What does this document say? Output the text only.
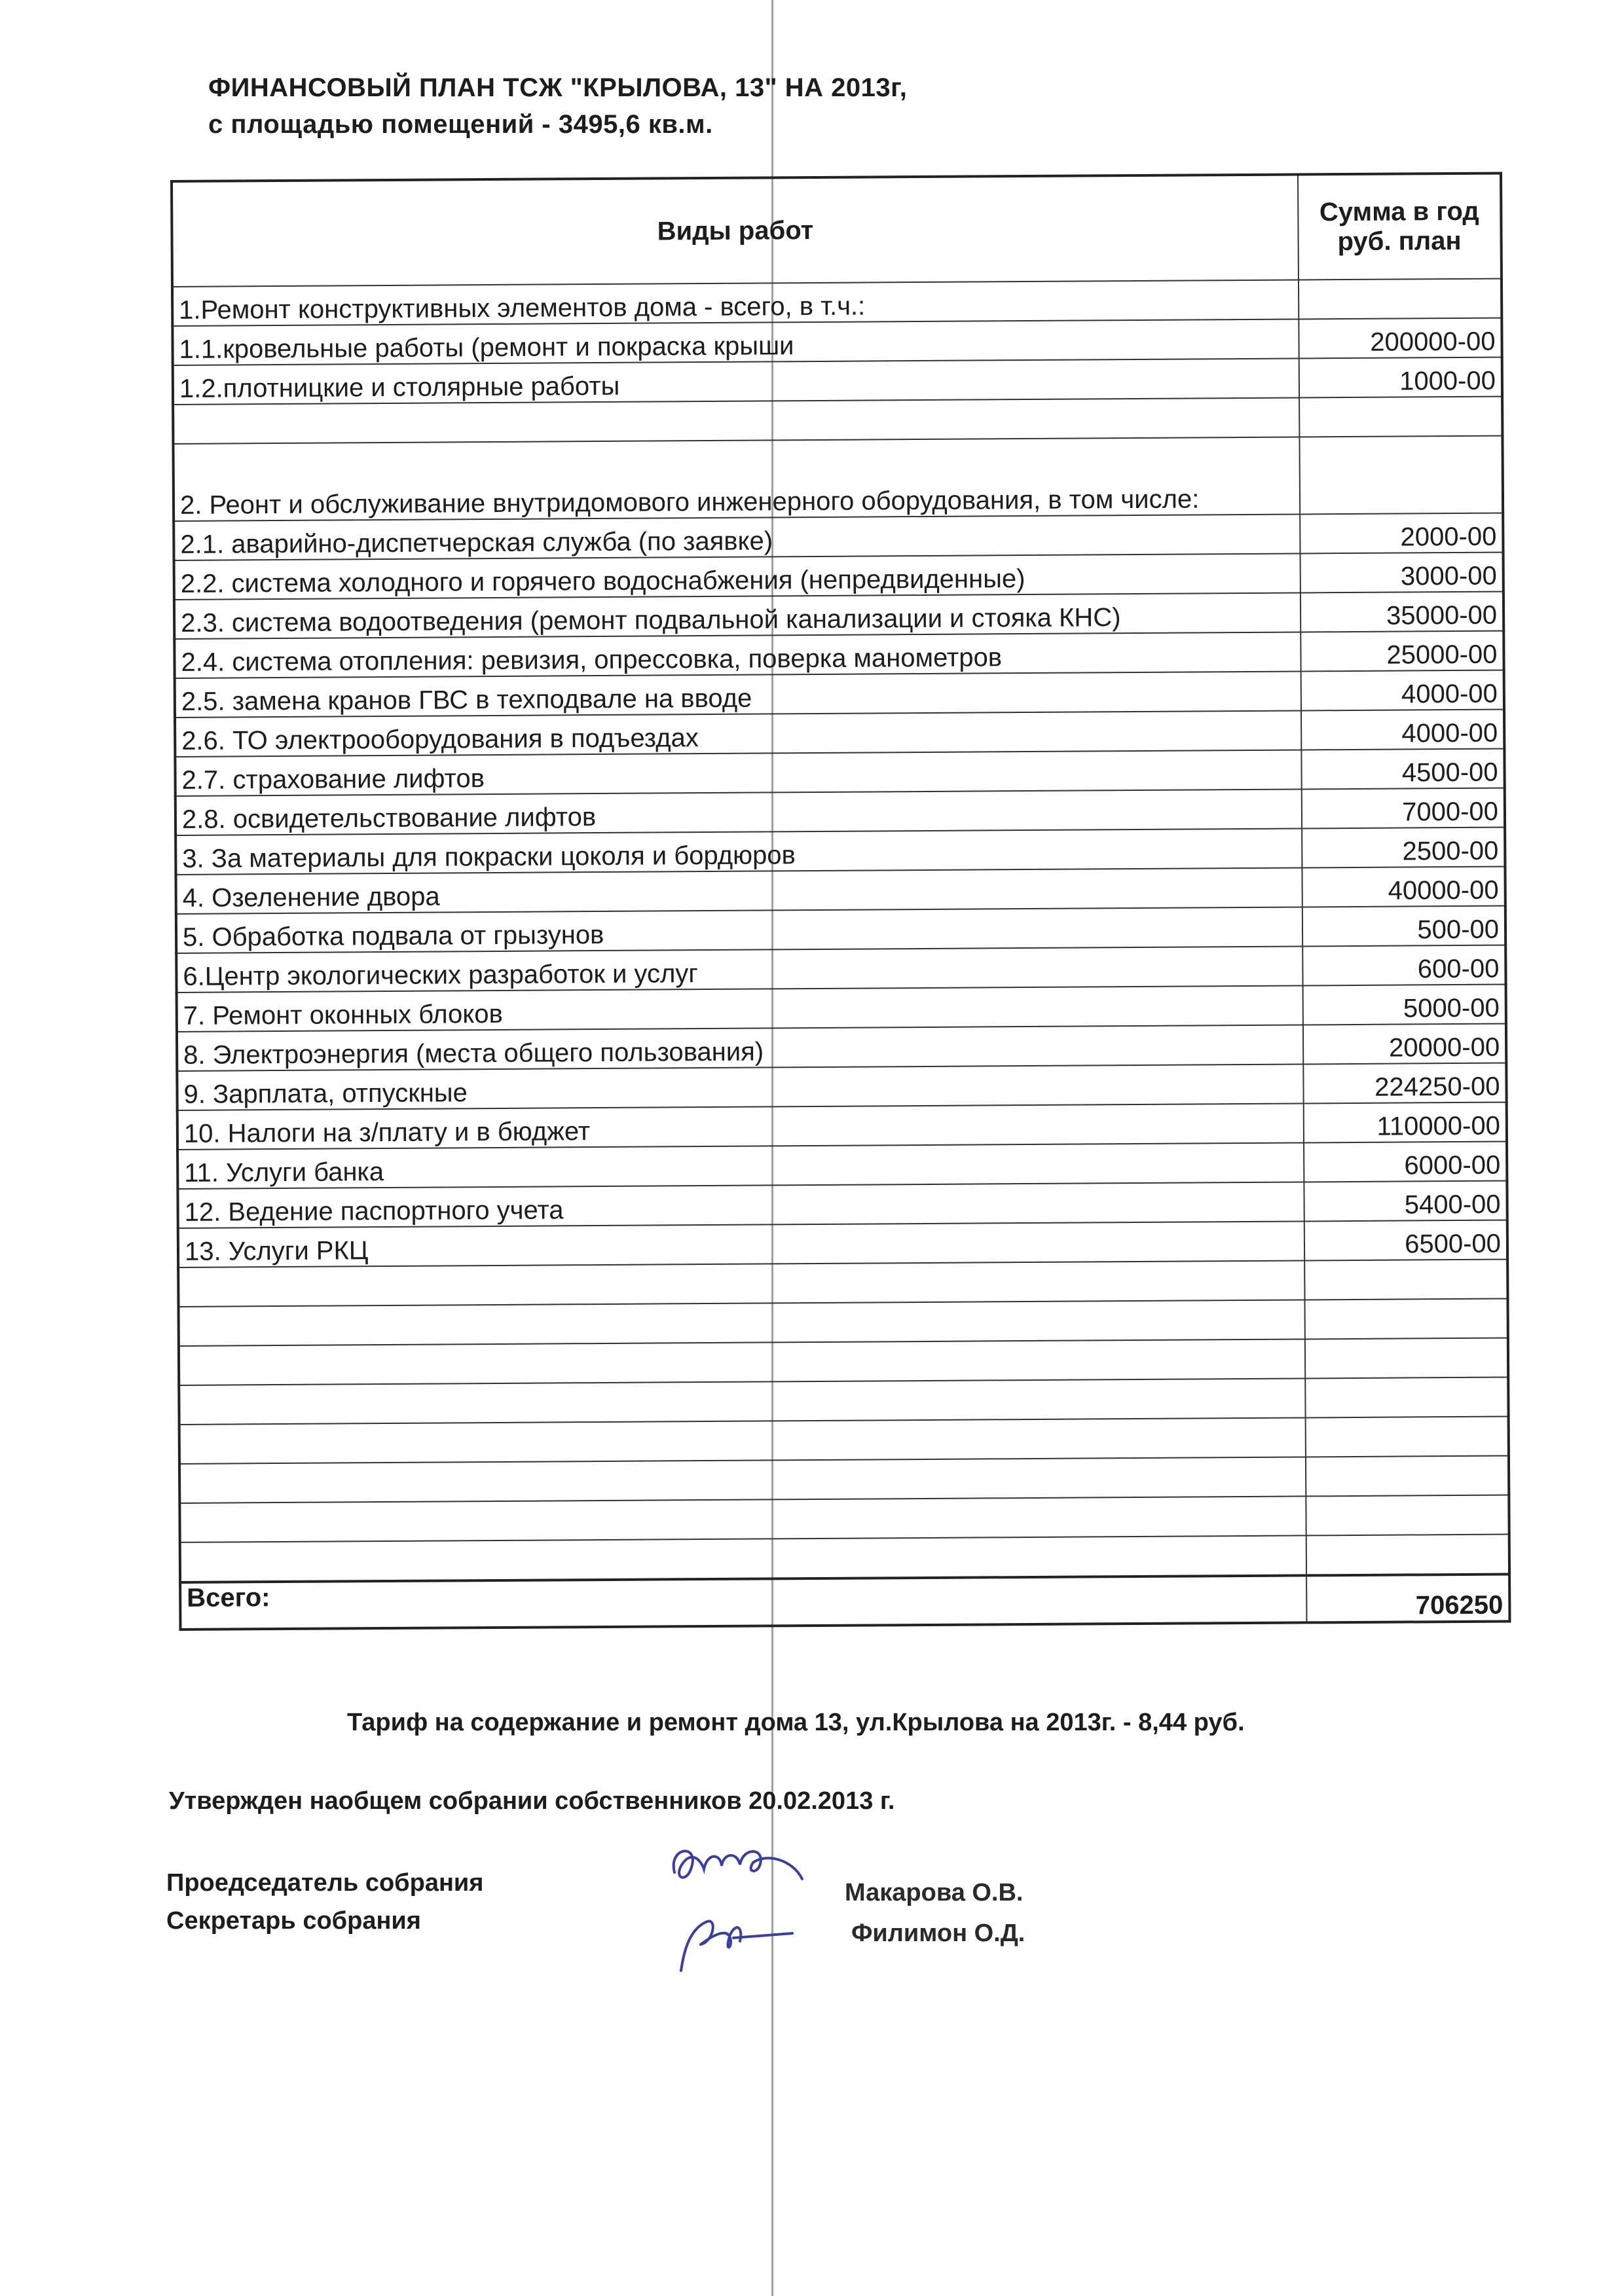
ФИНАНСОВЫЙ ПЛАН ТСЖ "КРЫЛОВА, 13" НА 2013г,
с площадью помещений - 3495,6 кв.м.
Виды работ	Сумма в год руб. план
1.Ремонт конструктивных элементов дома - всего, в т.ч.:	
1.1.кровельные работы (ремонт и покраска крыши	200000-00
1.2.плотницкие и столярные работы	1000-00

2. Реонт и обслуживание внутридомового инженерного оборудования, в том числе:	
2.1. аварийно-диспетчерская служба (по заявке)	2000-00
2.2. система холодного и горячего водоснабжения (непредвиденные)	3000-00
2.3. система водоотведения (ремонт подвальной канализации и стояка КНС)	35000-00
2.4. система отопления: ревизия, опрессовка, поверка манометров	25000-00
2.5. замена кранов ГВС в техподвале на вводе	4000-00
2.6. ТО электрооборудования в подъездах	4000-00
2.7. страхование лифтов	4500-00
2.8. освидетельствование лифтов	7000-00
3. За материалы для покраски цоколя и бордюров	2500-00
4. Озеленение двора	40000-00
5. Обработка подвала от грызунов	500-00
6.Центр экологических разработок и услуг	600-00
7. Ремонт оконных блоков	5000-00
8. Электроэнергия (места общего пользования)	20000-00
9. Зарплата, отпускные	224250-00
10. Налоги на з/плату и в бюджет	110000-00
11. Услуги банка	6000-00
12. Ведение паспортного учета	5400-00
13. Услуги РКЦ	6500-00

Всего:	706250
Тариф на содержание и ремонт дома 13, ул.Крылова на 2013г. - 8,44 руб.
Утвержден наобщем собрании собственников 20.02.2013 г.
Проедседатель собрания
Секретарь собрания
Макарова О.В.
Филимон О.Д.
